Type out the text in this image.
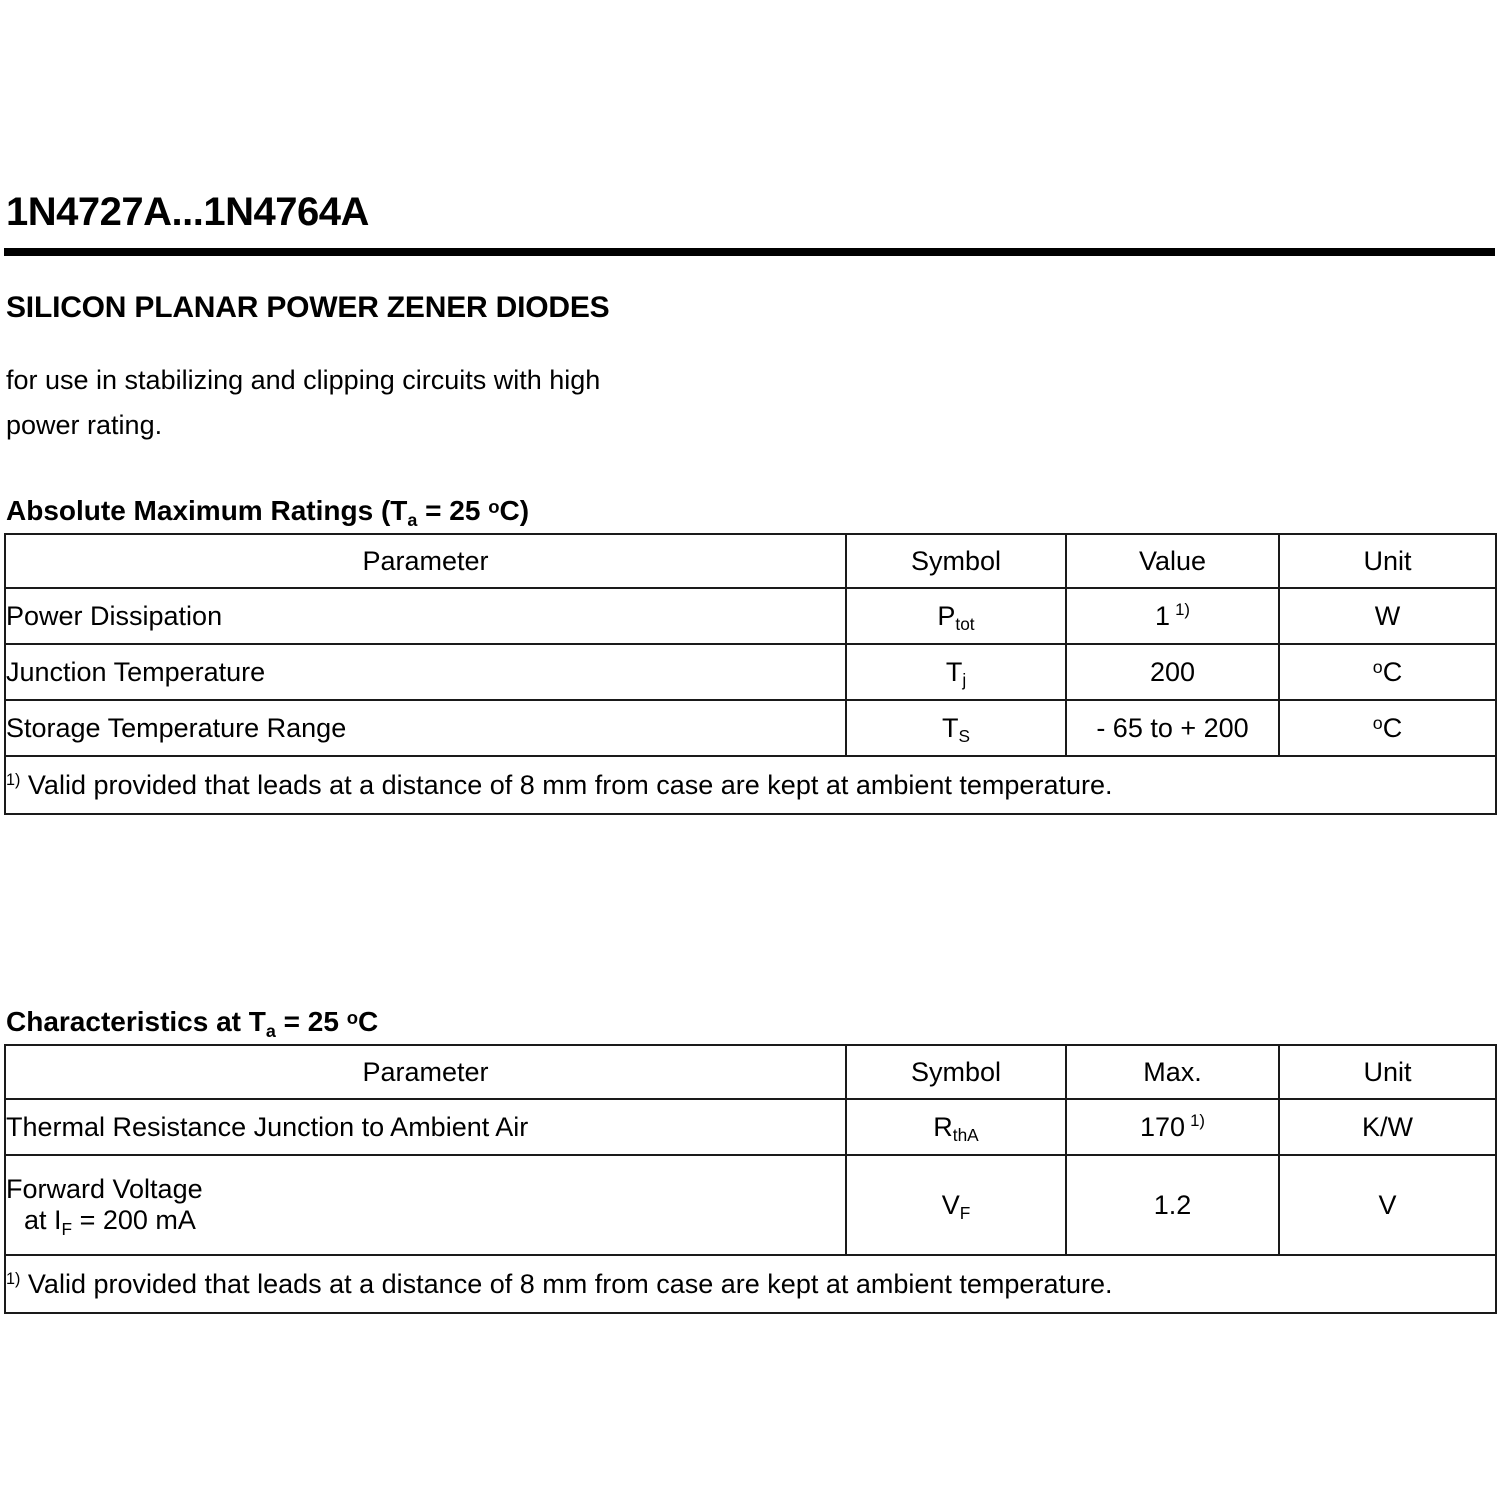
1N4727A...1N4764A
SILICON PLANAR POWER ZENER DIODES
for use in stabilizing and clipping circuits with high
power rating.
Absolute Maximum Ratings ($T_a = 25$ $^o$C)
Parameter	Symbol	Value	Unit
Power Dissipation	$P_{tot}$	1 $^{1)}$	W
Junction Temperature	$T_j$	200	$^o$C
Storage Temperature Range	$T_S$	- 65 to + 200	$^o$C
$^{1)}$ Valid provided that leads at a distance of 8 mm from case are kept at ambient temperature.			
Characteristics at $T_a = 25$ $^o$C
Parameter	Symbol	Max.	Unit
Thermal Resistance Junction to Ambient Air	$R_{thA}$	170 $^{1)}$	K/W

Forward Voltage
at $I_F = 200$ mA	$V_F$	1.2	V
$^{1)}$ Valid provided that leads at a distance of 8 mm from case are kept at ambient temperature.			
